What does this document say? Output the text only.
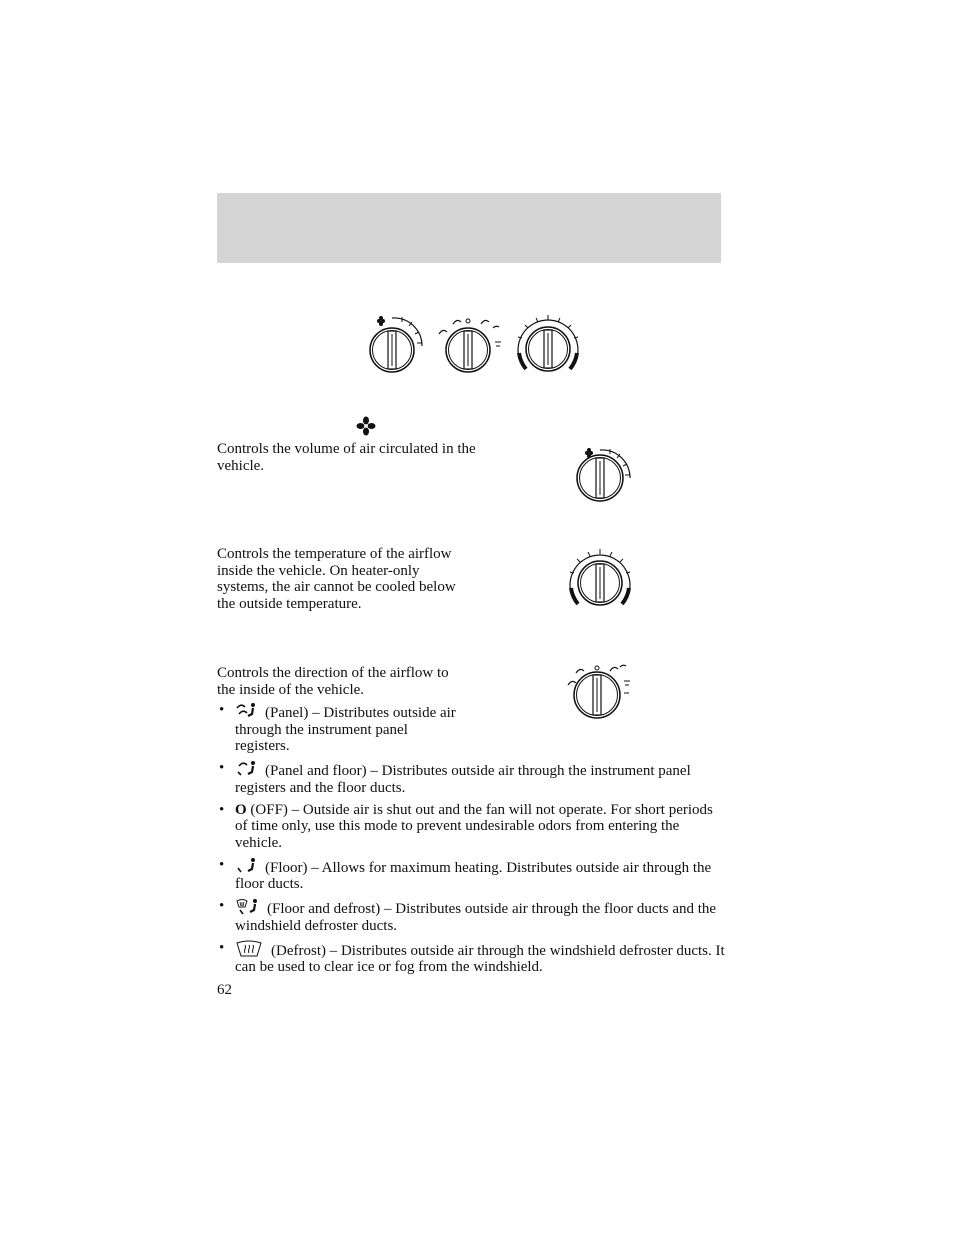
Controls the volume of air circulated in the vehicle.
Controls the temperature of the airflow inside the vehicle. On heater-only systems, the air cannot be cooled below the outside temperature.
Controls the direction of the airflow to the inside of the vehicle.
• (Panel) – Distributes outside air through the instrument panel registers.
• (Panel and floor) – Distributes outside air through the instrument panel registers and the floor ducts.
• O (OFF) – Outside air is shut out and the fan will not operate. For short periods of time only, use this mode to prevent undesirable odors from entering the vehicle.
• (Floor) – Allows for maximum heating. Distributes outside air through the floor ducts.
• (Floor and defrost) – Distributes outside air through the floor ducts and the windshield defroster ducts.
• (Defrost) – Distributes outside air through the windshield defroster ducts. It can be used to clear ice or fog from the windshield.
62
